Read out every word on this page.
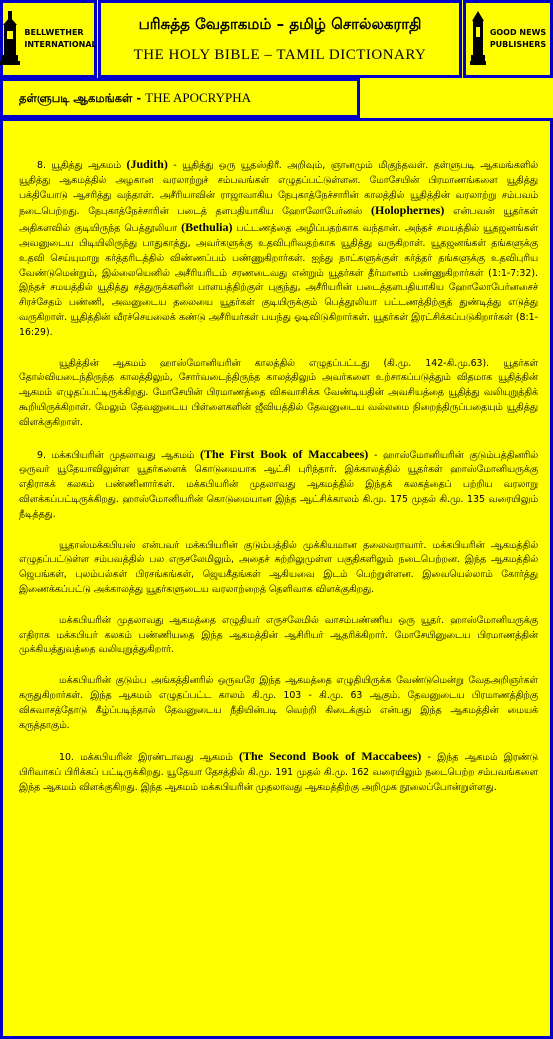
BELLWETHER
INTERNATIONAL
பரிசுத்த வேதாகமம் – தமிழ் சொல்லகராதி
THE HOLY BIBLE – TAMIL DICTIONARY
GOOD NEWS
PUBLISHERS
தள்ளுபடி ஆகமங்கள் - THE APOCRYPHA

8. யூதித்து ஆகமம் (Judith) - யூதித்து ஒரு யூதஸ்திரீ. அறிவும், ஞானமும் மிகுந்தவள். தள்ளுபடி ஆகமங்களில் யூதித்து ஆகமத்தில் அழகான வரலாற்றுச் சம்பவங்கள் எழுதப்பட்டுள்ளன. மோசேயின் பிரமாணங்களை யூதித்து பக்தியோடு ஆசரித்து வந்தாள். அசீரியாவின் ராஜாவாகிய நேபுகாத்நேச்சாரின் காலத்தில் யூதித்தின் வரலாற்று சம்பவம் நடைபெற்றது. நேபுகாத்நேச்சாரின் படைத் தளபதியாகிய ஹோலோபேர்னஸ் (Holophernes) என்பவன் யூதர்கள் அதிகளவில் குடியிருந்த பெத்தூலியா (Bethulia) பட்டணத்தை அழிப்பதற்காக வந்தான். அந்தச் சமயத்தில் யூதஜனங்கள் அவனுடைய பிடியிலிருந்து பாதுகாத்து, அவர்களுக்கு உதவிபுரிவதற்காக யூதித்து வருகிறாள். யூதஜனங்கள் தங்களுக்கு உதவி செய்யுமாறு கர்த்தரிடத்தில் விண்ணப்பம் பண்ணுகிறார்கள். ஐந்து நாட்களுக்குள் கர்த்தர் தங்களுக்கு உதவிபுரிய வேண்டுமென்றும், இல்லையெனில் அசீரியரிடம் சரணடைவது என்றும் யூதர்கள் தீர்மானம் பண்ணுகிறார்கள் (1:1-7:32). இந்தச் சமயத்தில் யூதித்து சத்துருக்களின் பாளயத்திற்குள் புகுந்து, அசீரியரின் படைத்தளபதியாகிய ஹோலோபேர்னசைச் சிரச்சேதம் பண்ணி, அவனுடைய தலையை யூதர்கள் குடியிருக்கும் பெத்தூலியா பட்டணத்திற்குத் துண்டித்து எடுத்து வருகிறாள். யூதித்தின் வீரச்செயலைக் கண்டு அசீரியர்கள் பயந்து ஓடிவிடுகிறார்கள். யூதர்கள் இரட்சிக்கப்படுகிறார்கள் (8:1-16:29).

யூதித்தின் ஆகமம் ஹாஸ்மோனியரின் காலத்தில் எழுதப்பட்டது (கி.மு. 142-கி.மு.63). யூதர்கள் தோல்வியடைந்திருந்த காலத்திலும், சோர்வடைந்திருந்த காலத்திலும் அவர்களை உற்சாகப்படுத்தும் விதமாக யூதித்தின் ஆகமம் எழுதப்பட்டிருக்கிறது. மோசேயின் பிரமாணத்தை விசுவாசிக்க வேண்டியதின் அவசியத்தை யூதித்து வலியுறுத்திக் கூறியிருக்கிறாள். மேலும் தேவனுடைய பிள்ளைகளின் ஜீவியத்தில் தேவனுடைய வல்லமை நிறைந்திருப்பதையும் யூதித்து விளக்குகிறாள்.

9. மக்கபியரின் முதலாவது ஆகமம் (The First Book of Maccabees) - ஹாஸ்மோனியரின் குடும்பத்தினரில் ஒருவர் யூதேயாவிலுள்ள யூதர்களைக் கொடுமையாக ஆட்சி புரிந்தார். இக்காலத்தில் யூதர்கள் ஹாஸ்மோனியருக்கு எதிராகக் கலகம் பண்ணினார்கள். மக்கபியரின் முதலாவது ஆகமத்தில் இந்தக் கலகத்தைப் பற்றிய வரலாறு விளக்கப்பட்டிருக்கிறது. ஹாஸ்மோனியரின் கொடுமையான இந்த ஆட்சிக்காலம் கி.மு. 175 முதல் கி.மு. 135 வரையிலும் நீடித்தது.

யூதாஸ்மக்கபியஸ் என்பவர் மக்கபியரின் குடும்பத்தில் முக்கியமான தலைவராவார். மக்கபியரின் ஆகமத்தில் எழுதப்பட்டுள்ள சம்பவத்தில் பல எருசலேமிலும், அதைச் சுற்றிலுமுள்ள பகுதிகளிலும் நடைபெற்றன. இந்த ஆகமத்தில் ஜெபங்கள், புலம்பல்கள் பிரசங்கங்கள், ஜெயகீதங்கள் ஆகியவை இடம் பெற்றுள்ளன. இவையெல்லாம் கோர்த்து இணைக்கப்பட்டு அக்காலத்து யூதர்களுடைய வரலாற்றைத் தெளிவாக விளக்குகிறது.

மக்கபியரின் முதலாவது ஆகமத்தை எழுதியர் எருசலேமில் வாசம்பண்ணிய ஒரு யூதர். ஹாஸ்மோனியருக்கு எதிராக மக்கபியர் கலகம் பண்ணியதை இந்த ஆகமத்தின் ஆசிரியர் ஆதரிக்கிறார். மோசேயினுடைய பிரமாணத்தின் முக்கியத்துவத்தை வலியுறுத்துகிறார்.

மக்கபியரின் குடும்ப அங்கத்தினரில் ஒருவரே இந்த ஆகமத்தை எழுதியிருக்க வேண்டுமென்று வேதஅறிஞர்கள் கருதுகிறார்கள். இந்த ஆகமம் எழுதப்பட்ட காலம் கி.மு. 103 - கி.மு. 63 ஆகும். தேவனுடைய பிரமாணத்திற்கு விசுவாசத்தோடு கீழ்ப்படிந்தால் தேவனுடைய நீதியின்படி வெற்றி கிடைக்கும் என்பது இந்த ஆகமத்தின் மையக் கருத்தாகும்.

10. மக்கபியரின் இரண்டாவது ஆகமம் (The Second Book of Maccabees) - இந்த ஆகமம் இரண்டு பிரிவாகப் பிரிக்கப் பட்டிருக்கிறது. யூதேயா தேசத்தில் கி.மு. 191 முதல் கி.மு. 162 வரையிலும் நடைபெற்ற சம்பவங்களை இந்த ஆகமம் விளக்குகிறது. இந்த ஆகமம் மக்கபியரின் முதலாவது ஆகமத்திற்கு அறிமுக நூலைப்போன்றுள்ளது.
